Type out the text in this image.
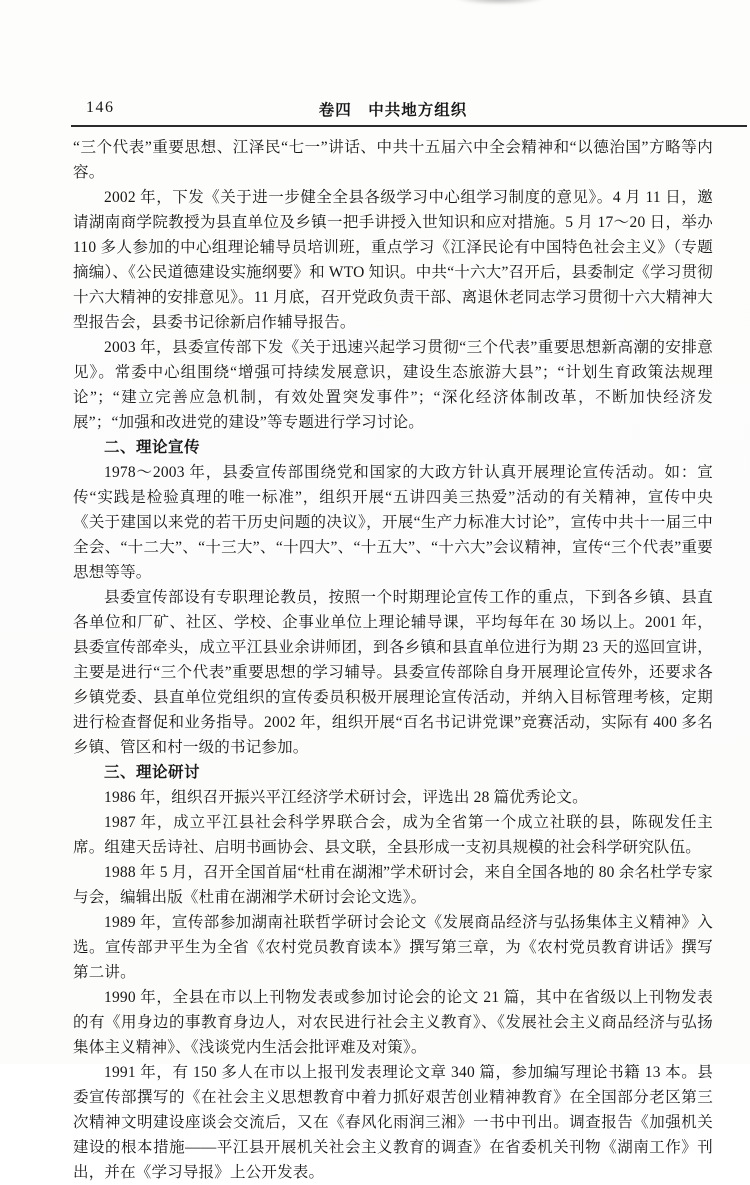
146	卷四　中共地方组织

“三个代表”重要思想、江泽民“七一”讲话、中共十五届六中全会精神和“以德治国”方略等内容。

2002 年，下发《关于进一步健全全县各级学习中心组学习制度的意见》。4 月 11 日，邀请湖南商学院教授为县直单位及乡镇一把手讲授入世知识和应对措施。5 月 17～20 日，举办 110 多人参加的中心组理论辅导员培训班，重点学习《江泽民论有中国特色社会主义》（专题摘编）、《公民道德建设实施纲要》和 WTO 知识。中共“十六大”召开后，县委制定《学习贯彻十六大精神的安排意见》。11 月底，召开党政负责干部、离退休老同志学习贯彻十六大精神大型报告会，县委书记徐新启作辅导报告。

2003 年，县委宣传部下发《关于迅速兴起学习贯彻“三个代表”重要思想新高潮的安排意见》。常委中心组围绕“增强可持续发展意识，建设生态旅游大县”；“计划生育政策法规理论”；“建立完善应急机制，有效处置突发事件”；“深化经济体制改革，不断加快经济发展”；“加强和改进党的建设”等专题进行学习讨论。

二、理论宣传

1978～2003 年，县委宣传部围绕党和国家的大政方针认真开展理论宣传活动。如：宣传“实践是检验真理的唯一标准”，组织开展“五讲四美三热爱”活动的有关精神，宣传中央《关于建国以来党的若干历史问题的决议》，开展“生产力标准大讨论”，宣传中共十一届三中全会、“十二大”、“十三大”、“十四大”、“十五大”、“十六大”会议精神，宣传“三个代表”重要思想等等。

县委宣传部设有专职理论教员，按照一个时期理论宣传工作的重点，下到各乡镇、县直各单位和厂矿、社区、学校、企事业单位上理论辅导课，平均每年在 30 场以上。2001 年，县委宣传部牵头，成立平江县业余讲师团，到各乡镇和县直单位进行为期 23 天的巡回宣讲，主要是进行“三个代表”重要思想的学习辅导。县委宣传部除自身开展理论宣传外，还要求各乡镇党委、县直单位党组织的宣传委员积极开展理论宣传活动，并纳入目标管理考核，定期进行检查督促和业务指导。2002 年，组织开展“百名书记讲党课”竞赛活动，实际有 400 多名乡镇、管区和村一级的书记参加。

三、理论研讨

1986 年，组织召开振兴平江经济学术研讨会，评选出 28 篇优秀论文。

1987 年，成立平江县社会科学界联合会，成为全省第一个成立社联的县，陈砚发任主席。组建天岳诗社、启明书画协会、县文联，全县形成一支初具规模的社会科学研究队伍。

1988 年 5 月，召开全国首届“杜甫在湖湘”学术研讨会，来自全国各地的 80 余名杜学专家与会，编辑出版《杜甫在湖湘学术研讨会论文选》。

1989 年，宣传部参加湖南社联哲学研讨会论文《发展商品经济与弘扬集体主义精神》入选。宣传部尹平生为全省《农村党员教育读本》撰写第三章，为《农村党员教育讲话》撰写第二讲。

1990 年，全县在市以上刊物发表或参加讨论会的论文 21 篇，其中在省级以上刊物发表的有《用身边的事教育身边人，对农民进行社会主义教育》、《发展社会主义商品经济与弘扬集体主义精神》、《浅谈党内生活会批评难及对策》。

1991 年，有 150 多人在市以上报刊发表理论文章 340 篇，参加编写理论书籍 13 本。县委宣传部撰写的《在社会主义思想教育中着力抓好艰苦创业精神教育》在全国部分老区第三次精神文明建设座谈会交流后，又在《春风化雨润三湘》一书中刊出。调查报告《加强机关建设的根本措施——平江县开展机关社会主义教育的调查》在省委机关刊物《湖南工作》刊出，并在《学习导报》上公开发表。
